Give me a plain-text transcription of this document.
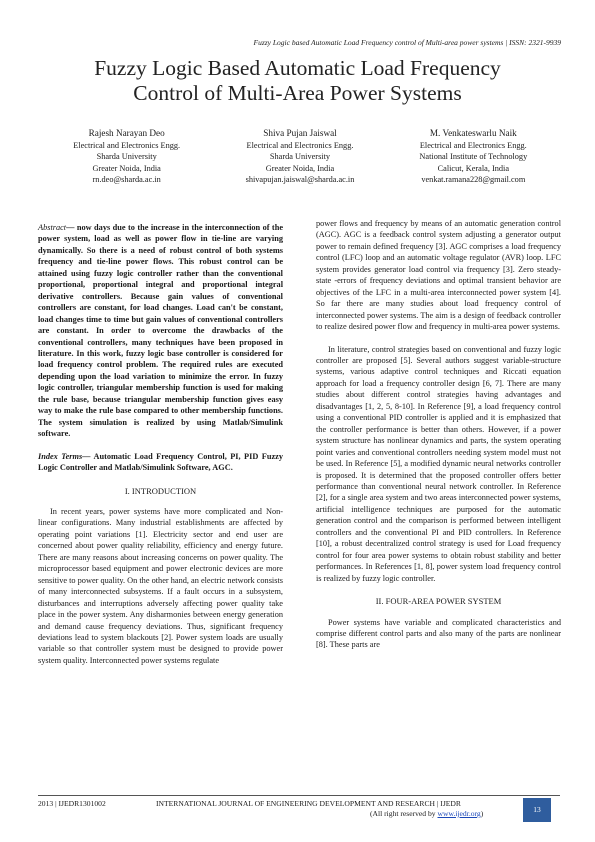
Fuzzy Logic based Automatic Load Frequency control of Multi-area power systems | ISSN: 2321-9939
Fuzzy Logic Based Automatic Load Frequency
Control of Multi-Area Power Systems
Rajesh Narayan Deo
Electrical and Electronics Engg.
Sharda University
Greater Noida, India
rn.deo@sharda.ac.in
Shiva Pujan Jaiswal
Electrical and Electronics Engg.
Sharda University
Greater Noida, India
shivapujan.jaiswal@sharda.ac.in
M. Venkateswarlu Naik
Electrical and Electronics Engg.
National Institute of Technology
Calicut, Kerala, India
venkat.ramana228@gmail.com

Abstract— now days due to the increase in the interconnection of the power system, load as well as power flow in tie-line are varying dynamically. So there is a need of robust control of both systems frequency and tie-line power flows. This robust control can be attained using fuzzy logic controller rather than the conventional proportional, proportional integral and proportional integral derivative controllers. Because gain values of conventional controllers are constant, for load changes. Load can't be constant, load changes time to time but gain values of conventional controllers are constant. In order to overcome the drawbacks of the conventional controllers, many techniques have been proposed in literature. In this work, fuzzy logic base controller is considered for load frequency control problem. The required rules are executed depending upon the load variation to minimize the error. In fuzzy logic controller, triangular membership function is used for making the rule base, because triangular membership function gives easy way to make the rule base compared to other membership functions. The system simulation is realized by using Matlab/Simulink software.

Index Terms— Automatic Load Frequency Control, PI, PID Fuzzy Logic Controller and Matlab/Simulink Software, AGC.

I. INTRODUCTION

In recent years, power systems have more complicated and Non-linear configurations. Many industrial establishments are affected by operating point variations [1]. Electricity sector and end user are concerned about power quality reliability, efficiency and energy future. There are many reasons about increasing concerns on power quality. The microprocessor based equipment and power electronic devices are more sensitive to power quality. On the other hand, an electric network consists of many interconnected subsystems. If a fault occurs in a subsystem, disturbances and interruptions adversely affecting power quality take place in the power system. Any disharmonies between energy generation and demand cause frequency deviations. Thus, significant frequency deviations lead to system blackouts [2]. Power system loads are usually variable so that controller system must be designed to provide power system quality. Interconnected power systems regulate

power flows and frequency by means of an automatic generation control (AGC). AGC is a feedback control system adjusting a generator output power to remain defined frequency [3]. AGC comprises a load frequency control (LFC) loop and an automatic voltage regulator (AVR) loop. LFC system provides generator load control via frequency [3]. Zero steady-state -errors of frequency deviations and optimal transient behavior are objectives of the LFC in a multi-area interconnected power system [4]. So far there are many studies about load frequency control of interconnected power systems. The aim is a design of feedback controller to realize desired power flow and frequency in multi-area power systems.

In literature, control strategies based on conventional and fuzzy logic controller are proposed [5]. Several authors suggest variable-structure systems, various adaptive control techniques and Riccati equation approach for load a frequency controller design [6, 7]. There are many studies about different control strategies having advantages and disadvantages [1, 2, 5, 8-10]. In Reference [9], a load frequency control using a conventional PID controller is applied and it is emphasized that the controller performance is better than others. However, if a power system structure has nonlinear dynamics and parts, the system operating point varies and conventional controllers needing system model must not be used. In Reference [5], a modified dynamic neural networks controller is proposed. It is determined that the proposed controller offers better performance than conventional neural network controller. In Reference [2], for a single area system and two areas interconnected power systems, artificial intelligence techniques are purposed for the automatic generation control and the comparison is performed between intelligent controllers and the conventional PI and PID controllers. In Reference [10], a robust decentralized control strategy is used for Load frequency control for four area power systems to obtain robust stability and better performances. In References [1, 8], power system load frequency control is realized by fuzzy logic controller.

II. FOUR-AREA POWER SYSTEM

Power systems have variable and complicated characteristics and comprise different control parts and also many of the parts are nonlinear [8]. These parts are

2013 | IJEDR1301002	INTERNATIONAL JOURNAL OF ENGINEERING DEVELOPMENT AND RESEARCH | IJEDR
(All right reserved by www.ijedr.org)	13
